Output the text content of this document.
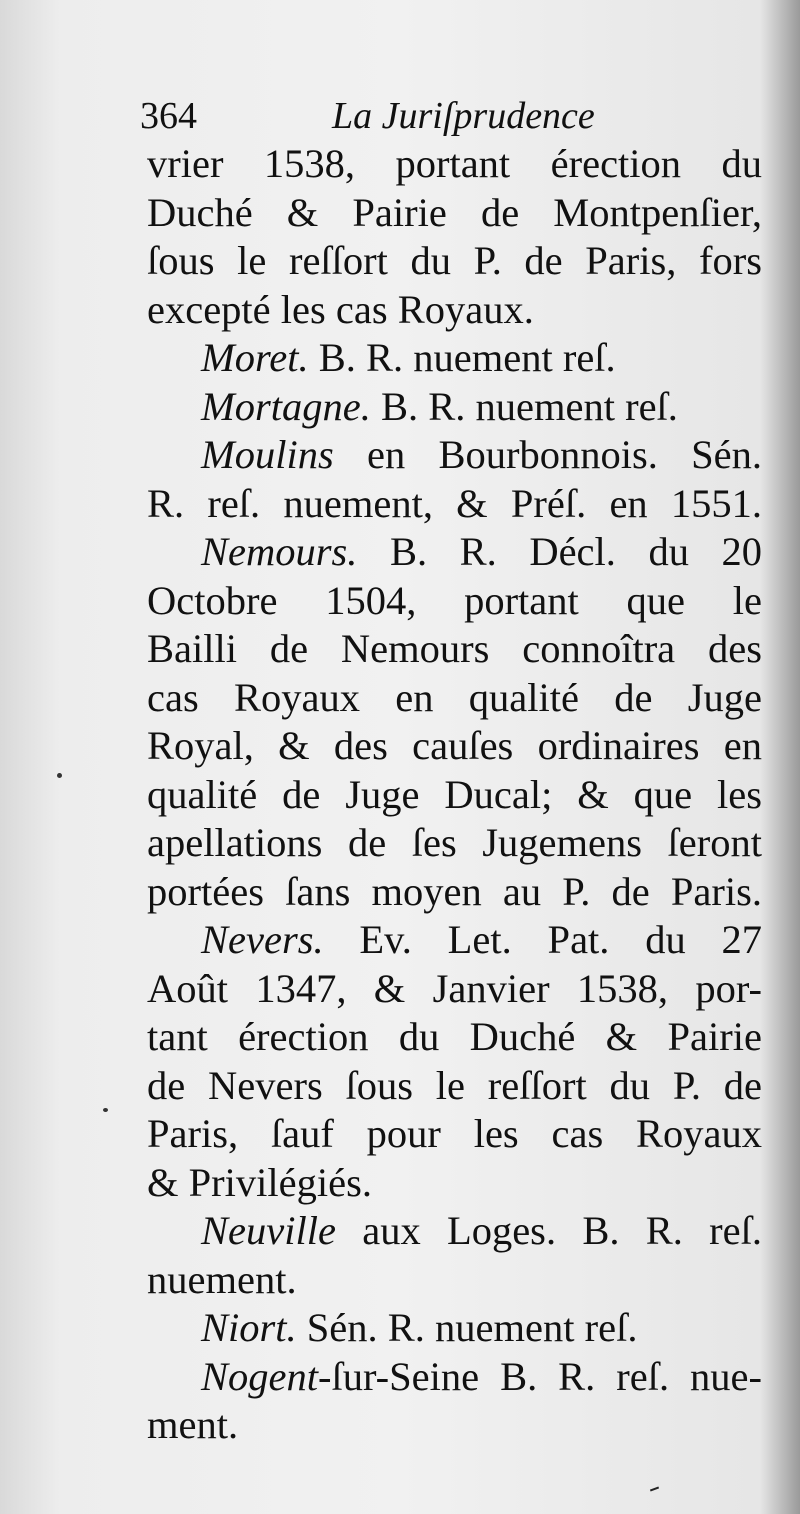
364	La Juriſprudence
vrier 1538, portant érection du
Duché & Pairie de Montpenſier,
ſous le reſſort du P. de Paris, fors
excepté les cas Royaux.
Moret. B. R. nuement reſ.
Mortagne. B. R. nuement reſ.
Moulins en Bourbonnois. Sén.
R. reſ. nuement, & Préſ. en 1551.
Nemours. B. R. Décl. du 20
Octobre 1504, portant que le
Bailli de Nemours connoîtra des
cas Royaux en qualité de Juge
Royal, & des cauſes ordinaires en
qualité de Juge Ducal; & que les
apellations de ſes Jugemens ſeront
portées ſans moyen au P. de Paris.
Nevers. Ev. Let. Pat. du 27
Août 1347, & Janvier 1538, por-
tant érection du Duché & Pairie
de Nevers ſous le reſſort du P. de
Paris, ſauf pour les cas Royaux
& Privilégiés.
Neuville aux Loges. B. R. reſ.
nuement.
Niort. Sén. R. nuement reſ.
Nogent-ſur-Seine B. R. reſ. nue-
ment.
